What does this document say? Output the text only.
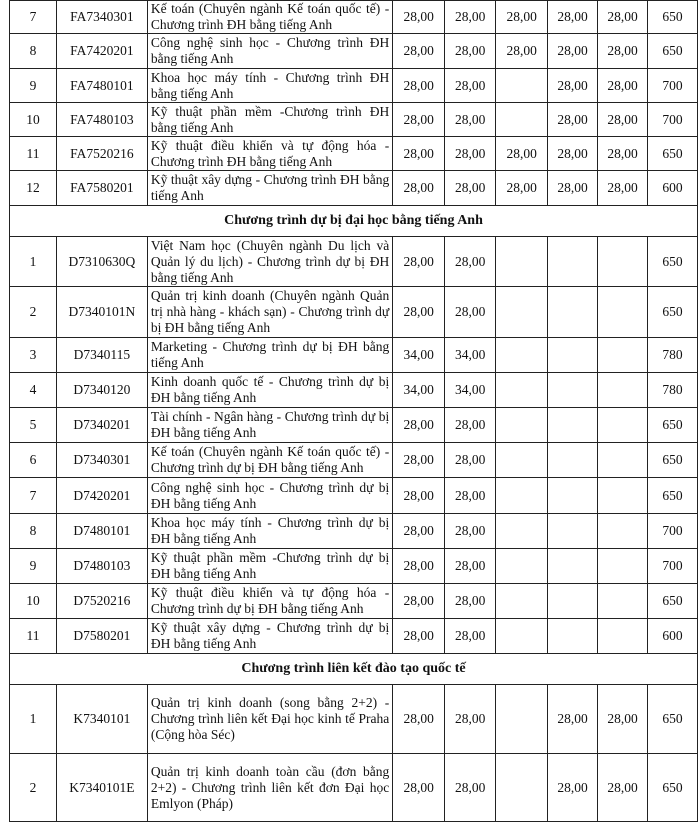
7	FA7340301	Kế toán (Chuyên ngành Kế toán quốc tế) - Chương trình ĐH bằng tiếng Anh	28,00	28,00	28,00	28,00	28,00	650
8	FA7420201	Công nghệ sinh học - Chương trình ĐH bằng tiếng Anh	28,00	28,00	28,00	28,00	28,00	650
9	FA7480101	Khoa học máy tính - Chương trình ĐH bằng tiếng Anh	28,00	28,00		28,00	28,00	700
10	FA7480103	Kỹ thuật phần mềm -Chương trình ĐH bằng tiếng Anh	28,00	28,00		28,00	28,00	700
11	FA7520216	Kỹ thuật điều khiển và tự động hóa - Chương trình ĐH bằng tiếng Anh	28,00	28,00	28,00	28,00	28,00	650
12	FA7580201	Kỹ thuật xây dựng - Chương trình ĐH bằng tiếng Anh	28,00	28,00	28,00	28,00	28,00	600
Chương trình dự bị đại học bằng tiếng Anh								
1	D7310630Q	Việt Nam học (Chuyên ngành Du lịch và Quản lý du lịch) - Chương trình dự bị ĐH bằng tiếng Anh	28,00	28,00				650
2	D7340101N	Quản trị kinh doanh (Chuyên ngành Quản trị nhà hàng - khách sạn) - Chương trình dự bị ĐH bằng tiếng Anh	28,00	28,00				650
3	D7340115	Marketing - Chương trình dự bị ĐH bằng tiếng Anh	34,00	34,00				780
4	D7340120	Kinh doanh quốc tế - Chương trình dự bị ĐH bằng tiếng Anh	34,00	34,00				780
5	D7340201	Tài chính - Ngân hàng - Chương trình dự bị ĐH bằng tiếng Anh	28,00	28,00				650
6	D7340301	Kế toán (Chuyên ngành Kế toán quốc tế) - Chương trình dự bị ĐH bằng tiếng Anh	28,00	28,00				650
7	D7420201	Công nghệ sinh học - Chương trình dự bị ĐH bằng tiếng Anh	28,00	28,00				650
8	D7480101	Khoa học máy tính - Chương trình dự bị ĐH bằng tiếng Anh	28,00	28,00				700
9	D7480103	Kỹ thuật phần mềm -Chương trình dự bị ĐH bằng tiếng Anh	28,00	28,00				700
10	D7520216	Kỹ thuật điều khiển và tự động hóa - Chương trình dự bị ĐH bằng tiếng Anh	28,00	28,00				650
11	D7580201	Kỹ thuật xây dựng - Chương trình dự bị ĐH bằng tiếng Anh	28,00	28,00				600
Chương trình liên kết đào tạo quốc tế								
1	K7340101	Quản trị kinh doanh (song bằng 2+2) - Chương trình liên kết Đại học kinh tế Praha (Cộng hòa Séc)	28,00	28,00		28,00	28,00	650
2	K7340101E	Quản trị kinh doanh toàn cầu (đơn bằng 2+2) - Chương trình liên kết đơn Đại học Emlyon (Pháp)	28,00	28,00		28,00	28,00	650
